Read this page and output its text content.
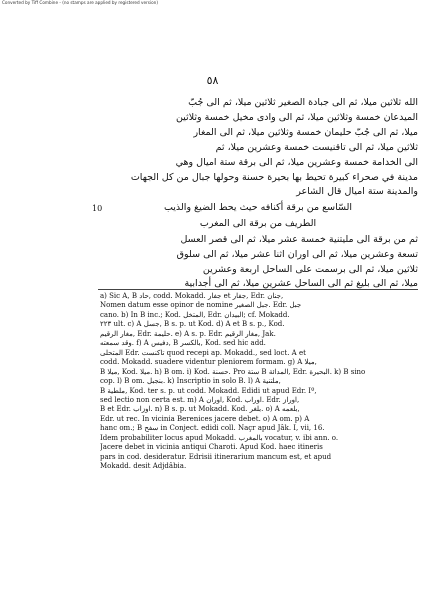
Converted by Tiff Combine - (no stamps are applied by registered version)
٥٨
الله ثلاثين ميلا، ثم الى جبادة الصغير ثلاثين ميلا، ثم الى جُبّ
الميدعان خمسة وثلاثين ميلا، ثم الى وادى مخيل خمسة وثلاثين
ميلا، ثم الى جُبّ حليمان خمسة وثلاثين ميلا، ثم الى المغار
ثلاثين ميلا، ثم الى تاقنيست خمسة وعشرين ميلا، ثم
الى الخدامة خمسة وعشرين ميلا، ثم الى برقة ستة اميال وهي
مدينة في صحراء كبيرة تحيط بها بحيرة حسنة وحولها جبال من كل الجهات
والمدينة ستة اميال قال الشاعر
السّاسع من برقة أكنافه حيث يحط الضيغ والذيب
الطريف من برقة الى المغرب
ثم من برقة الى مليتنية خمسة عشر ميلا، ثم الى قصر العسل
تسعة وعشرين ميلا، ثم الى اوران اثنا عشر ميلا، ثم الى سلوق
ثلاثين ميلا، ثم الى برسمت على الساحل اربعة وعشرين
ميلا، ثم الى بليغ ثم الى الساحل عشرين ميلا، ثم الى أجدابية
10
a) Sic A, B حاد, codd. Mokadd. جفار et جفار, Edr. جنان,
Nomen datum esse opinor de nomine جبل الصغير. Edr. جبل
cano. b) In B inc.; Kod. المتخل, Edr. البيدان; cf. Mokadd.
٢٢٣ ult. c) A جسل, B s. p. ut Kod. d) A et B s. p., Kod.
مغار الرقيم, Edr. حليمة. e) A s. p. Edr. مغار الرقيم, Jak.
وقد سمعته. f) A دفيس, B بالكسر, Kod. sed hic add.
المتحلى Edr. تاكنست quod recepi ap. Mokadd., sed loct. A et
codd. Mokadd. suadere videntur pleniorem formam. g) A ميلا,
B ميلا, Kod. ميلا. h) B om. i) Kod. حسنة. Pro ستة B المدائة, Edr. البحيرة. k) B sino
cop. l) B om. بنجبل. k) Inscriptio in solo B. l) A ملتنية,
B ملطية, Kod. ter s. p. ut codd. Mokadd. Edidi ut apud Edr. Iº,
sed lectio non certa est. m) A اوران, Kod. اوراب. Edr. اوراز,
B et Edr. اوزاب. n) B s. p. ut Mokadd. Kod. بلغر. o) A بلعمه,
Edr. ut rec. In vicinia Berenices jacere debet. o) A om. p) A
hanc om.; B سفح in Conject. edidi coll. Naçr apud Jâk. I, vii, 16.
Idem probabiliter locus apud Mokadd. بالمغرب vocatur, v. ibi ann. o.
Jacere debet in vicinia antiqui Charoti. Apud Kod. haec itineris
pars in cod. desideratur. Edrisii itinerarium mancum est, et apud
Mokadd. desit Adjdâbia.
